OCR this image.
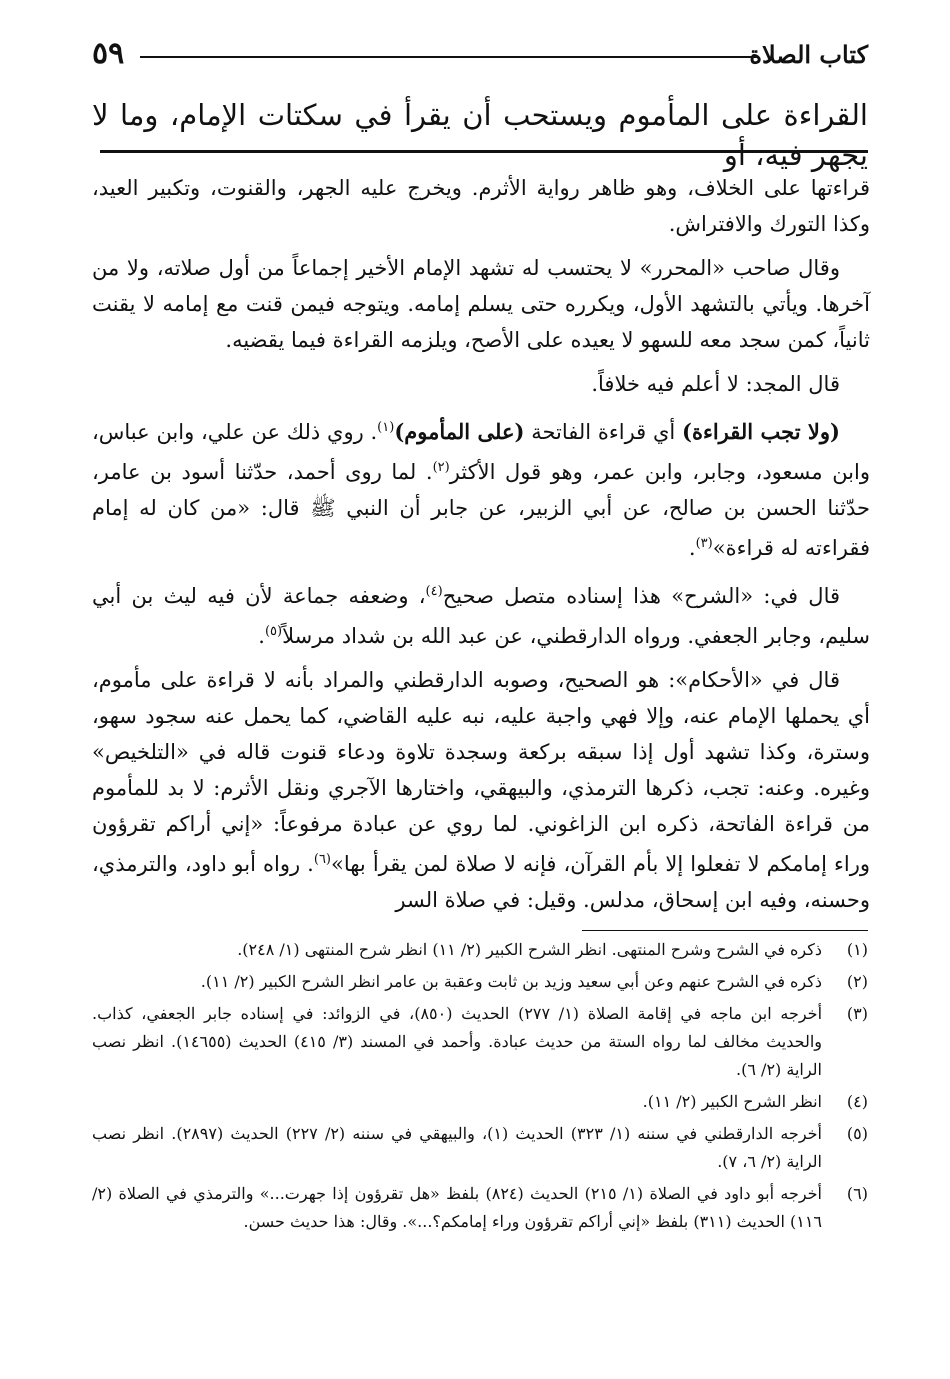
كتاب الصلاة
٥٩
القراءة على المأموم ويستحب أن يقرأ في سكتات الإمام، وما لا يجهر فيه، أو

قراءتها على الخلاف، وهو ظاهر رواية الأثرم. ويخرج عليه الجهر، والقنوت، وتكبير العيد، وكذا التورك والافتراش.

وقال صاحب «المحرر» لا يحتسب له تشهد الإمام الأخير إجماعاً من أول صلاته، ولا من آخرها. ويأتي بالتشهد الأول، ويكرره حتى يسلم إمامه. ويتوجه فيمن قنت مع إمامه لا يقنت ثانياً، كمن سجد معه للسهو لا يعيده على الأصح، ويلزمه القراءة فيما يقضيه.

قال المجد: لا أعلم فيه خلافاً.

(ولا تجب القراءة) أي قراءة الفاتحة (على المأموم)$^{(١)}$. روي ذلك عن علي، وابن عباس، وابن مسعود، وجابر، وابن عمر، وهو قول الأكثر$^{(٢)}$. لما روى أحمد، حدّثنا أسود بن عامر، حدّثنا الحسن بن صالح، عن أبي الزبير، عن جابر أن النبي ﷺ قال: «من كان له إمام فقراءته له قراءة»$^{(٣)}$.

قال في: «الشرح» هذا إسناده متصل صحيح$^{(٤)}$، وضعفه جماعة لأن فيه ليث بن أبي سليم، وجابر الجعفي. ورواه الدارقطني، عن عبد الله بن شداد مرسلاً$^{(٥)}$.

قال في «الأحكام»: هو الصحيح، وصوبه الدارقطني والمراد بأنه لا قراءة على مأموم، أي يحملها الإمام عنه، وإلا فهي واجبة عليه، نبه عليه القاضي، كما يحمل عنه سجود سهو، وسترة، وكذا تشهد أول إذا سبقه بركعة وسجدة تلاوة ودعاء قنوت قاله في «التلخيص» وغيره. وعنه: تجب، ذكرها الترمذي، والبيهقي، واختارها الآجري ونقل الأثرم: لا بد للمأموم من قراءة الفاتحة، ذكره ابن الزاغوني. لما روي عن عبادة مرفوعاً: «إني أراكم تقرؤون وراء إمامكم لا تفعلوا إلا بأم القرآن، فإنه لا صلاة لمن يقرأ بها»$^{(٦)}$. رواه أبو داود، والترمذي، وحسنه، وفيه ابن إسحاق، مدلس. وقيل: في صلاة السر

(١)
ذكره في الشرح وشرح المنتهى. انظر الشرح الكبير (٢/ ١١) انظر شرح المنتهى (١/ ٢٤٨).
(٢)
ذكره في الشرح عنهم وعن أبي سعيد وزيد بن ثابت وعقبة بن عامر انظر الشرح الكبير (٢/ ١١).
(٣)
أخرجه ابن ماجه في إقامة الصلاة (١/ ٢٧٧) الحديث (٨٥٠)، في الزوائد: في إسناده جابر الجعفي، كذاب. والحديث مخالف لما رواه الستة من حديث عبادة. وأحمد في المسند (٣/ ٤١٥) الحديث (١٤٦٥٥). انظر نصب الراية (٢/ ٦).
(٤)
انظر الشرح الكبير (٢/ ١١).
(٥)
أخرجه الدارقطني في سننه (١/ ٣٢٣) الحديث (١)، والبيهقي في سننه (٢/ ٢٢٧) الحديث (٢٨٩٧). انظر نصب الراية (٢/ ٦، ٧).
(٦)
أخرجه أبو داود في الصلاة (١/ ٢١٥) الحديث (٨٢٤) بلفظ «هل تقرؤون إذا جهرت...» والترمذي في الصلاة (٢/ ١١٦) الحديث (٣١١) بلفظ «إني أراكم تقرؤون وراء إمامكم؟...». وقال: هذا حديث حسن.
